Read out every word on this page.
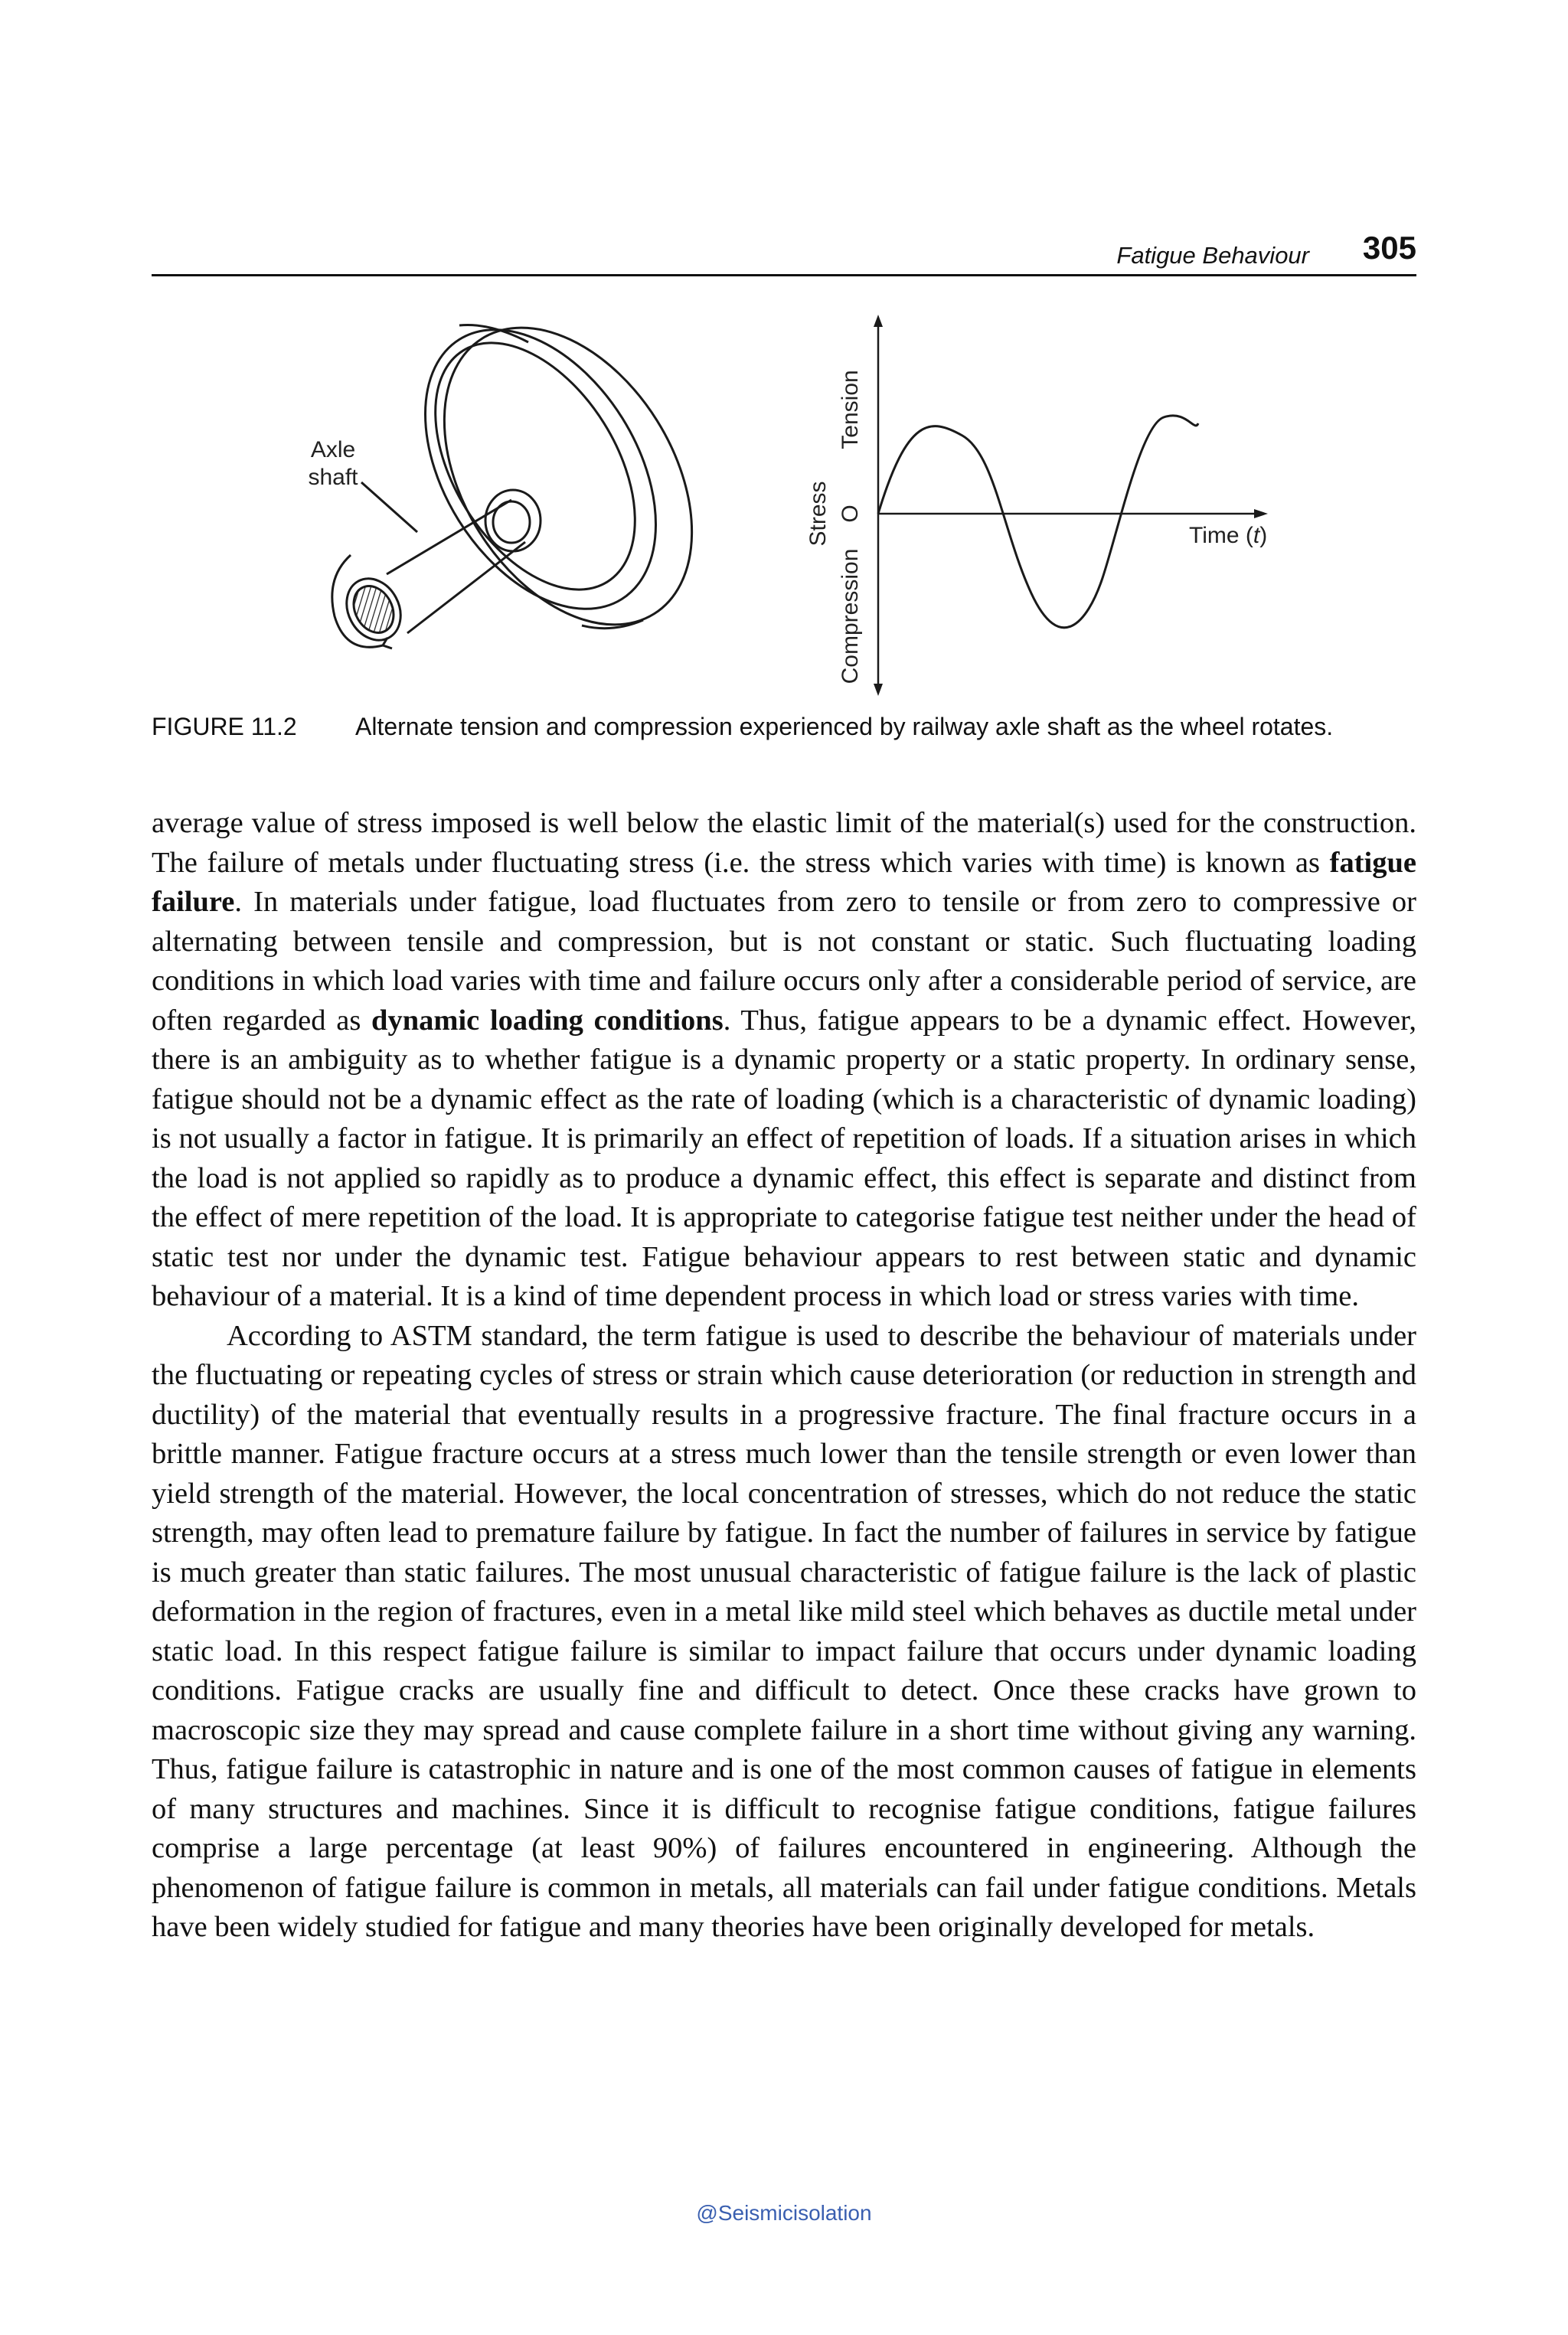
Fatigue Behaviour 305
Axle
shaft
Tension
O
Stress
Compression
Time (t)
FIGURE 11.2 Alternate tension and compression experienced by railway axle shaft as the wheel rotates.

average value of stress imposed is well below the elastic limit of the material(s) used for the construction. The failure of metals under fluctuating stress (i.e. the stress which varies with time) is known as fatigue failure. In materials under fatigue, load fluctuates from zero to tensile or from zero to compressive or alternating between tensile and compression, but is not constant or static. Such fluctuating loading conditions in which load varies with time and failure occurs only after a considerable period of service, are often regarded as dynamic loading conditions. Thus, fatigue appears to be a dynamic effect. However, there is an ambiguity as to whether fatigue is a dynamic property or a static property. In ordinary sense, fatigue should not be a dynamic effect as the rate of loading (which is a characteristic of dynamic loading) is not usually a factor in fatigue. It is primarily an effect of repetition of loads. If a situation arises in which the load is not applied so rapidly as to produce a dynamic effect, this effect is separate and distinct from the effect of mere repetition of the load. It is appropriate to categorise fatigue test neither under the head of static test nor under the dynamic test. Fatigue behaviour appears to rest between static and dynamic behaviour of a material. It is a kind of time dependent process in which load or stress varies with time.

According to ASTM standard, the term fatigue is used to describe the behaviour of materials under the fluctuating or repeating cycles of stress or strain which cause deterioration (or reduction in strength and ductility) of the material that eventually results in a progressive fracture. The final fracture occurs in a brittle manner. Fatigue fracture occurs at a stress much lower than the tensile strength or even lower than yield strength of the material. However, the local concentration of stresses, which do not reduce the static strength, may often lead to premature failure by fatigue. In fact the number of failures in service by fatigue is much greater than static failures. The most unusual characteristic of fatigue failure is the lack of plastic deformation in the region of fractures, even in a metal like mild steel which behaves as ductile metal under static load. In this respect fatigue failure is similar to impact failure that occurs under dynamic loading conditions. Fatigue cracks are usually fine and difficult to detect. Once these cracks have grown to macroscopic size they may spread and cause complete failure in a short time without giving any warning. Thus, fatigue failure is catastrophic in nature and is one of the most common causes of fatigue in elements of many structures and machines. Since it is difficult to recognise fatigue conditions, fatigue failures comprise a large percentage (at least 90%) of failures encountered in engineering. Although the phenomenon of fatigue failure is common in metals, all materials can fail under fatigue conditions. Metals have been widely studied for fatigue and many theories have been originally developed for metals.

@Seismicisolation
